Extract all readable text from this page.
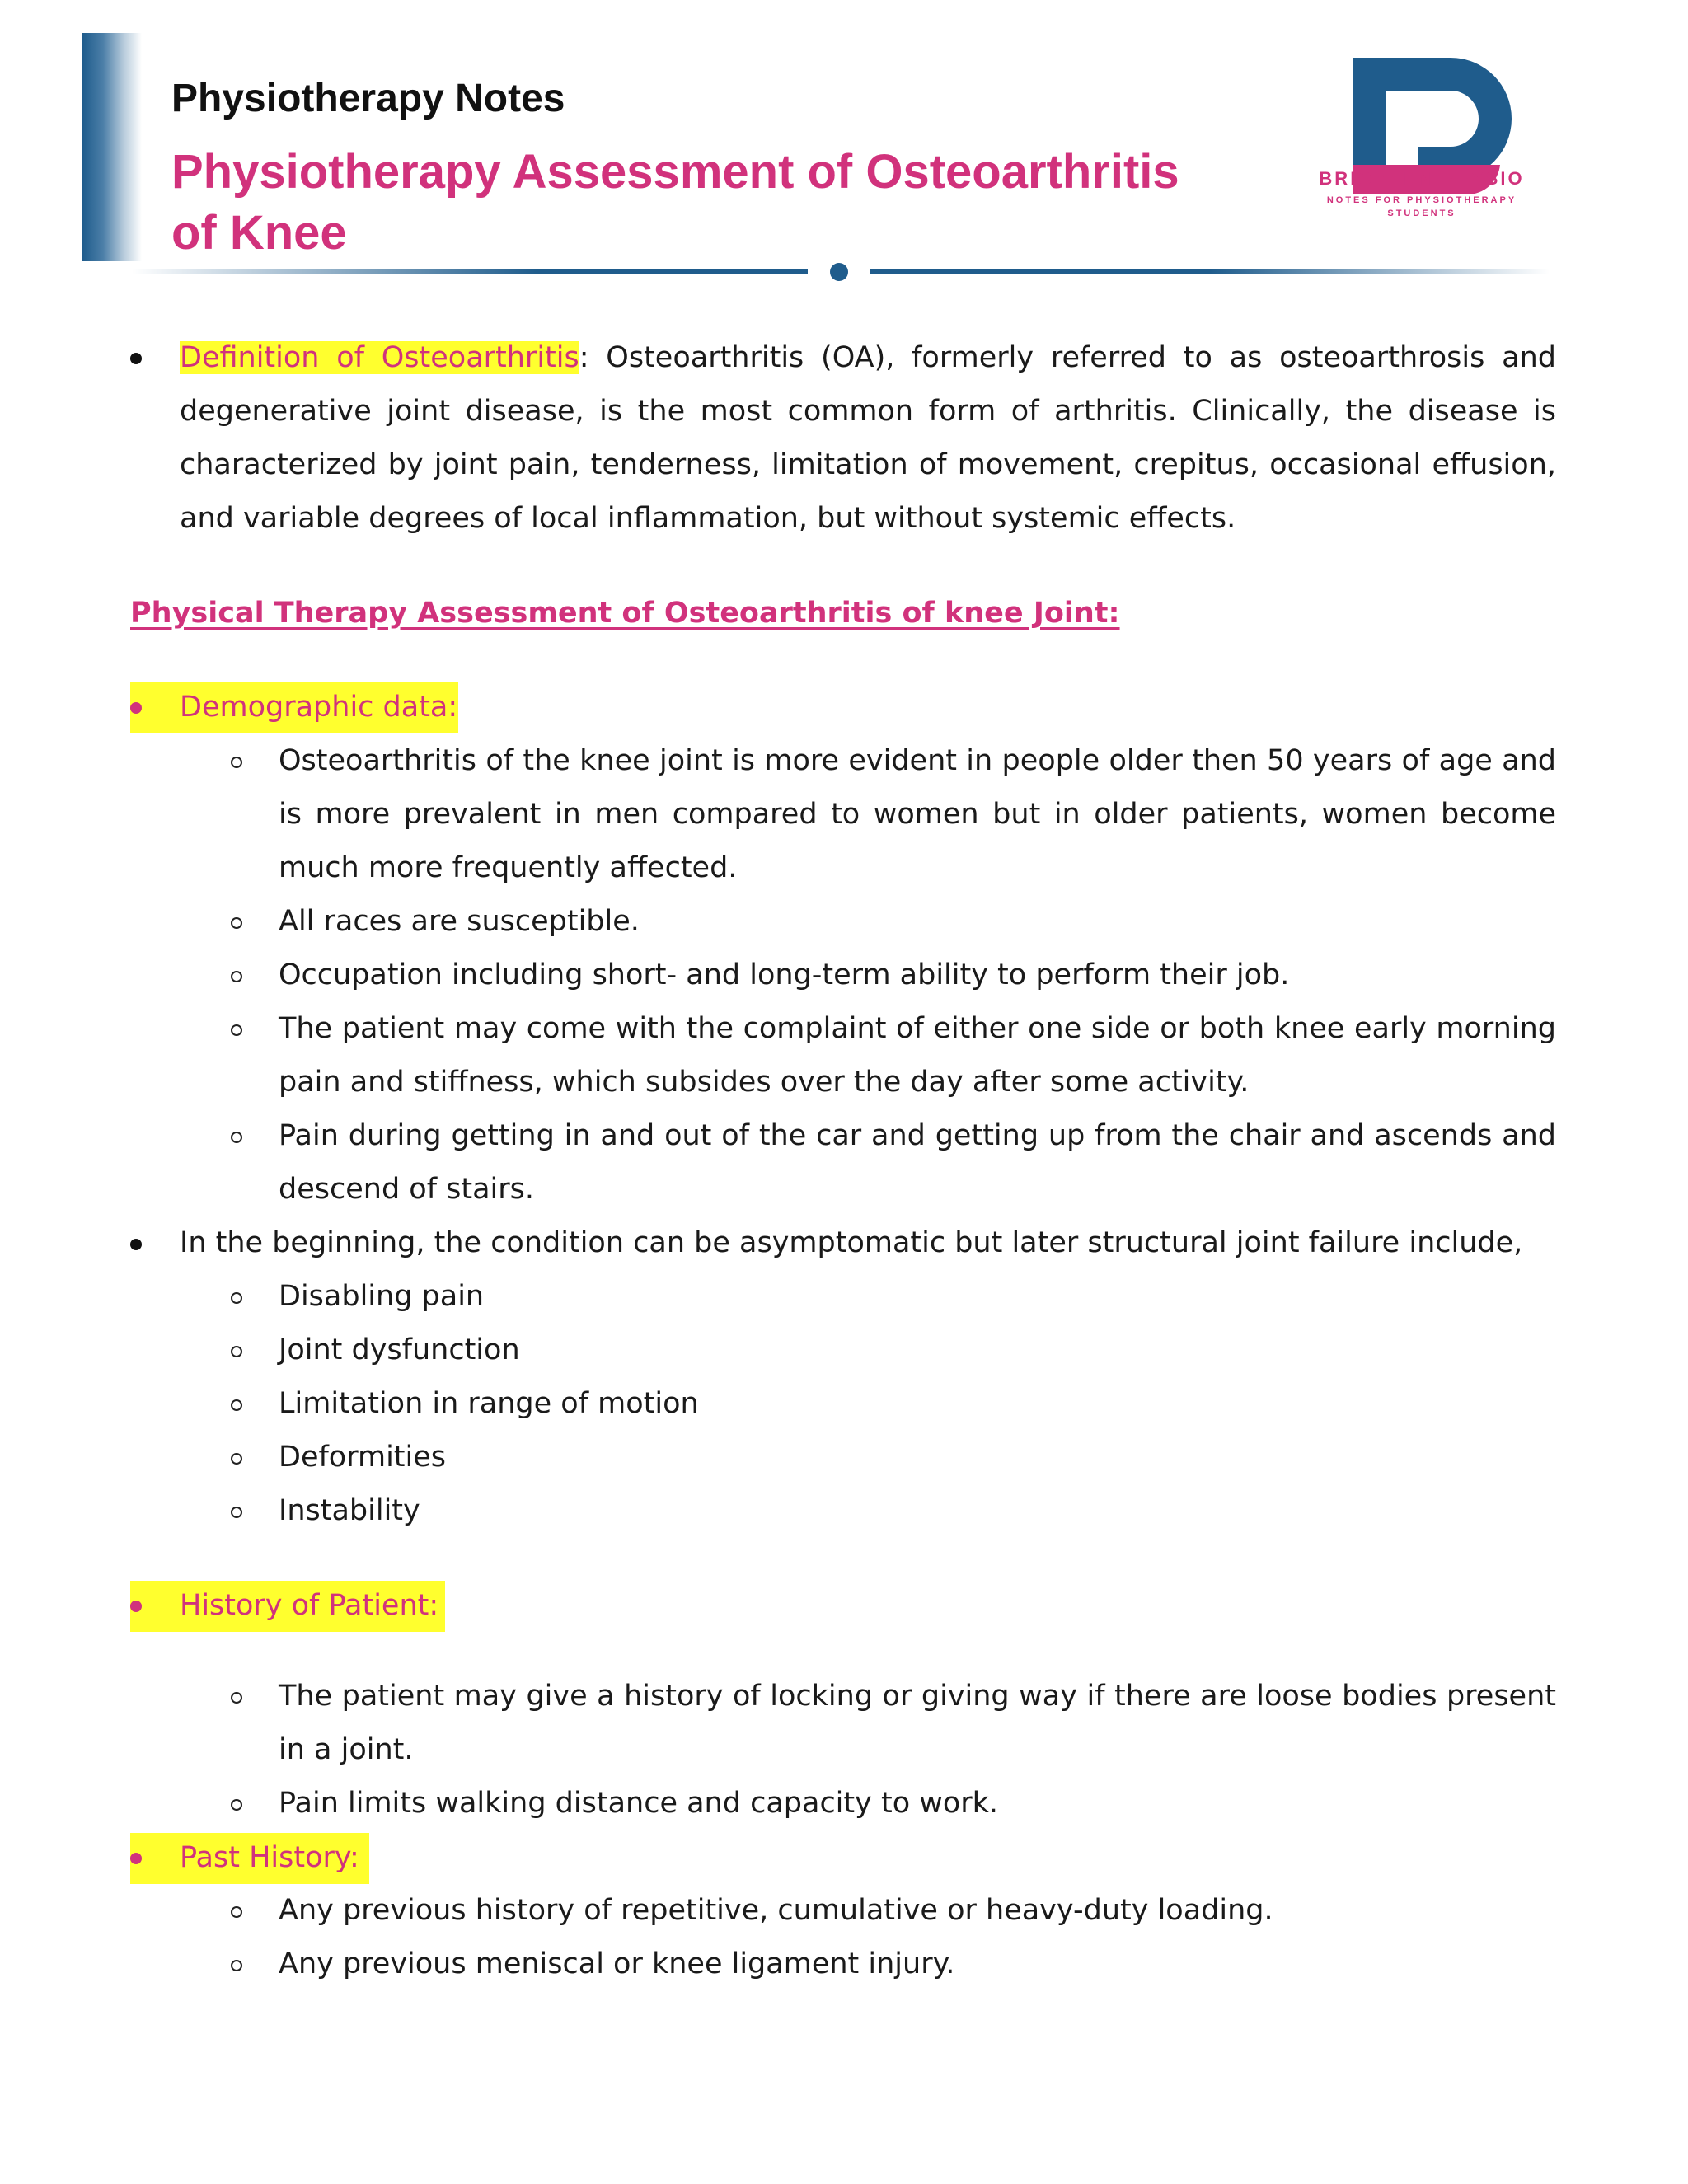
Physiotherapy Notes
Physiotherapy Assessment of Osteoarthritis
of Knee
BRIGHTEN PHYSIO
NOTES FOR PHYSIOTHERAPY
STUDENTS
Definition of Osteoarthritis: Osteoarthritis (OA), formerly referred to as osteoarthrosis and
degenerative joint disease, is the most common form of arthritis. Clinically, the disease is
characterized by joint pain, tenderness, limitation of movement, crepitus, occasional effusion,
and variable degrees of local inflammation, but without systemic effects.
Physical Therapy Assessment of Osteoarthritis of knee Joint:
Demographic data:
Osteoarthritis of the knee joint is more evident in people older then 50 years of age and
is more prevalent in men compared to women but in older patients, women become
much more frequently affected.
All races are susceptible.
Occupation including short- and long-term ability to perform their job.
The patient may come with the complaint of either one side or both knee early morning
pain and stiffness, which subsides over the day after some activity.
Pain during getting in and out of the car and getting up from the chair and ascends and
descend of stairs.
In the beginning, the condition can be asymptomatic but later structural joint failure include,
Disabling pain
Joint dysfunction
Limitation in range of motion
Deformities
Instability
History of Patient:
The patient may give a history of locking or giving way if there are loose bodies present
in a joint.
Pain limits walking distance and capacity to work.
Past History:
Any previous history of repetitive, cumulative or heavy-duty loading.
Any previous meniscal or knee ligament injury.
